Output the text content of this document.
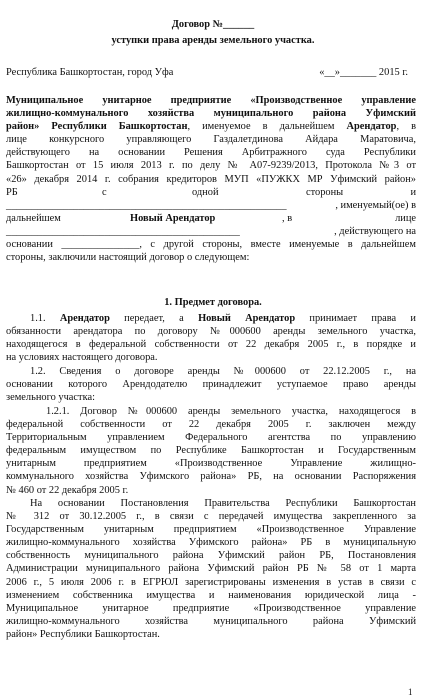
Договор №______
уступки права аренды земельного участка.
Республика Башкортостан, город Уфа	«__»_______ 2015 г.
Муниципальное унитарное предприятие «Производственное управление
жилищно-коммунального хозяйства муниципального района Уфимский
район» Республики Башкортостан, именуемое в дальнейшем Арендатор, в
лице конкурсного управляющего Газдалетдинова Айдара Маратовича,
действующего на основании Решения Арбитражного суда Республики
Башкортостан от 15 июля 2013 г. по делу № А07-9239/2013, Протокола №3 от
«26» декабря 2014 г. собрания кредиторов МУП «ПУЖКХ МР Уфимский район»
РБ	с	одной	стороны	и
______________________________________________________	, именуемый(ое) в
дальнейшем	Новый Арендатор	, в	лице
_____________________________________________	, действующего на
основании _______________, с другой стороны, вместе именуемые в дальнейшем
стороны, заключили настоящий договор о следующем:
1. Предмет договора.
1.1. Арендатор передает, а Новый Арендатор принимает права и
обязанности арендатора по договору №000600 аренды земельного участка,
находящегося в федеральной собственности от 22 декабря 2005 г., в порядке и
на условиях настоящего договора.
1.2. Сведения о договоре аренды №000600 от 22.12.2005 г., на
основании которого Арендодателю принадлежит уступаемое право аренды
земельного участка:
1.2.1. Договор №000600 аренды земельного участка, находящегося в
федеральной собственности от 22 декабря 2005 г. заключен между
Территориальным управлением Федерального агентства по управлению
федеральным имуществом по Республике Башкортостан и Государственным
унитарным предприятием «Производственное Управление жилищно-
коммунального хозяйства Уфимского района» РБ, на основании Распоряжения
№ 460 от 22 декабря 2005 г.
На основании Постановления Правительства Республики Башкортостан
№ 312 от 30.12.2005 г., в связи с передачей имущества закрепленного за
Государственным унитарным предприятием «Производственное Управление
жилищно-коммунального хозяйства Уфимского района» РБ в муниципальную
собственность муниципального района Уфимский район РБ, Постановления
Администрации муниципального района Уфимский район РБ № 58 от 1 марта
2006 г., 5 июля 2006 г. в ЕГРЮЛ зарегистрированы изменения в устав в связи с
изменением собственника имущества и наименования юридической лица -
Муниципальное унитарное предприятие «Производственное управление
жилищно-коммунального хозяйства муниципального района Уфимский
район» Республики Башкортостан.
1
